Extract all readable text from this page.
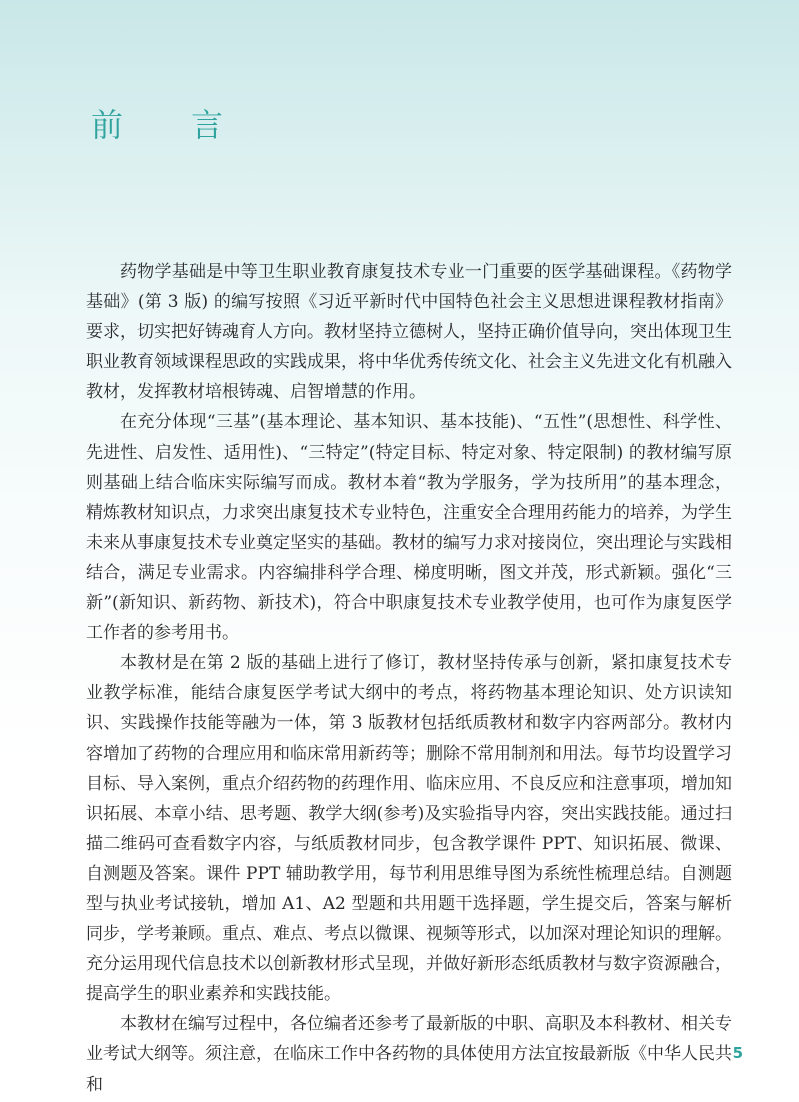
前　言

药物学基础是中等卫生职业教育康复技术专业一门重要的医学基础课程。《药物学基础》(第 3 版) 的编写按照《习近平新时代中国特色社会主义思想进课程教材指南》要求，切实把好铸魂育人方向。教材坚持立德树人，坚持正确价值导向，突出体现卫生职业教育领域课程思政的实践成果，将中华优秀传统文化、社会主义先进文化有机融入教材，发挥教材培根铸魂、启智增慧的作用。

在充分体现“三基”(基本理论、基本知识、基本技能)、“五性”(思想性、科学性、先进性、启发性、适用性)、“三特定”(特定目标、特定对象、特定限制) 的教材编写原则基础上结合临床实际编写而成。教材本着“教为学服务，学为技所用”的基本理念，精炼教材知识点，力求突出康复技术专业特色，注重安全合理用药能力的培养，为学生未来从事康复技术专业奠定坚实的基础。教材的编写力求对接岗位，突出理论与实践相结合，满足专业需求。内容编排科学合理、梯度明晰，图文并茂，形式新颖。强化“三新”(新知识、新药物、新技术)，符合中职康复技术专业教学使用，也可作为康复医学工作者的参考用书。

本教材是在第 2 版的基础上进行了修订，教材坚持传承与创新，紧扣康复技术专业教学标准，能结合康复医学考试大纲中的考点，将药物基本理论知识、处方识读知识、实践操作技能等融为一体，第 3 版教材包括纸质教材和数字内容两部分。教材内容增加了药物的合理应用和临床常用新药等；删除不常用制剂和用法。每节均设置学习目标、导入案例，重点介绍药物的药理作用、临床应用、不良反应和注意事项，增加知识拓展、本章小结、思考题、教学大纲(参考)及实验指导内容，突出实践技能。通过扫描二维码可查看数字内容，与纸质教材同步，包含教学课件 PPT、知识拓展、微课、自测题及答案。课件 PPT 辅助教学用，每节利用思维导图为系统性梳理总结。自测题型与执业考试接轨，增加 A1、A2 型题和共用题干选择题，学生提交后，答案与解析同步，学考兼顾。重点、难点、考点以微课、视频等形式，以加深对理论知识的理解。充分运用现代信息技术以创新教材形式呈现，并做好新形态纸质教材与数字资源融合，提高学生的职业素养和实践技能。

本教材在编写过程中，各位编者还参考了最新版的中职、高职及本科教材、相关专业考试大纲等。须注意，在临床工作中各药物的具体使用方法宜按最新版《中华人民共和

5
